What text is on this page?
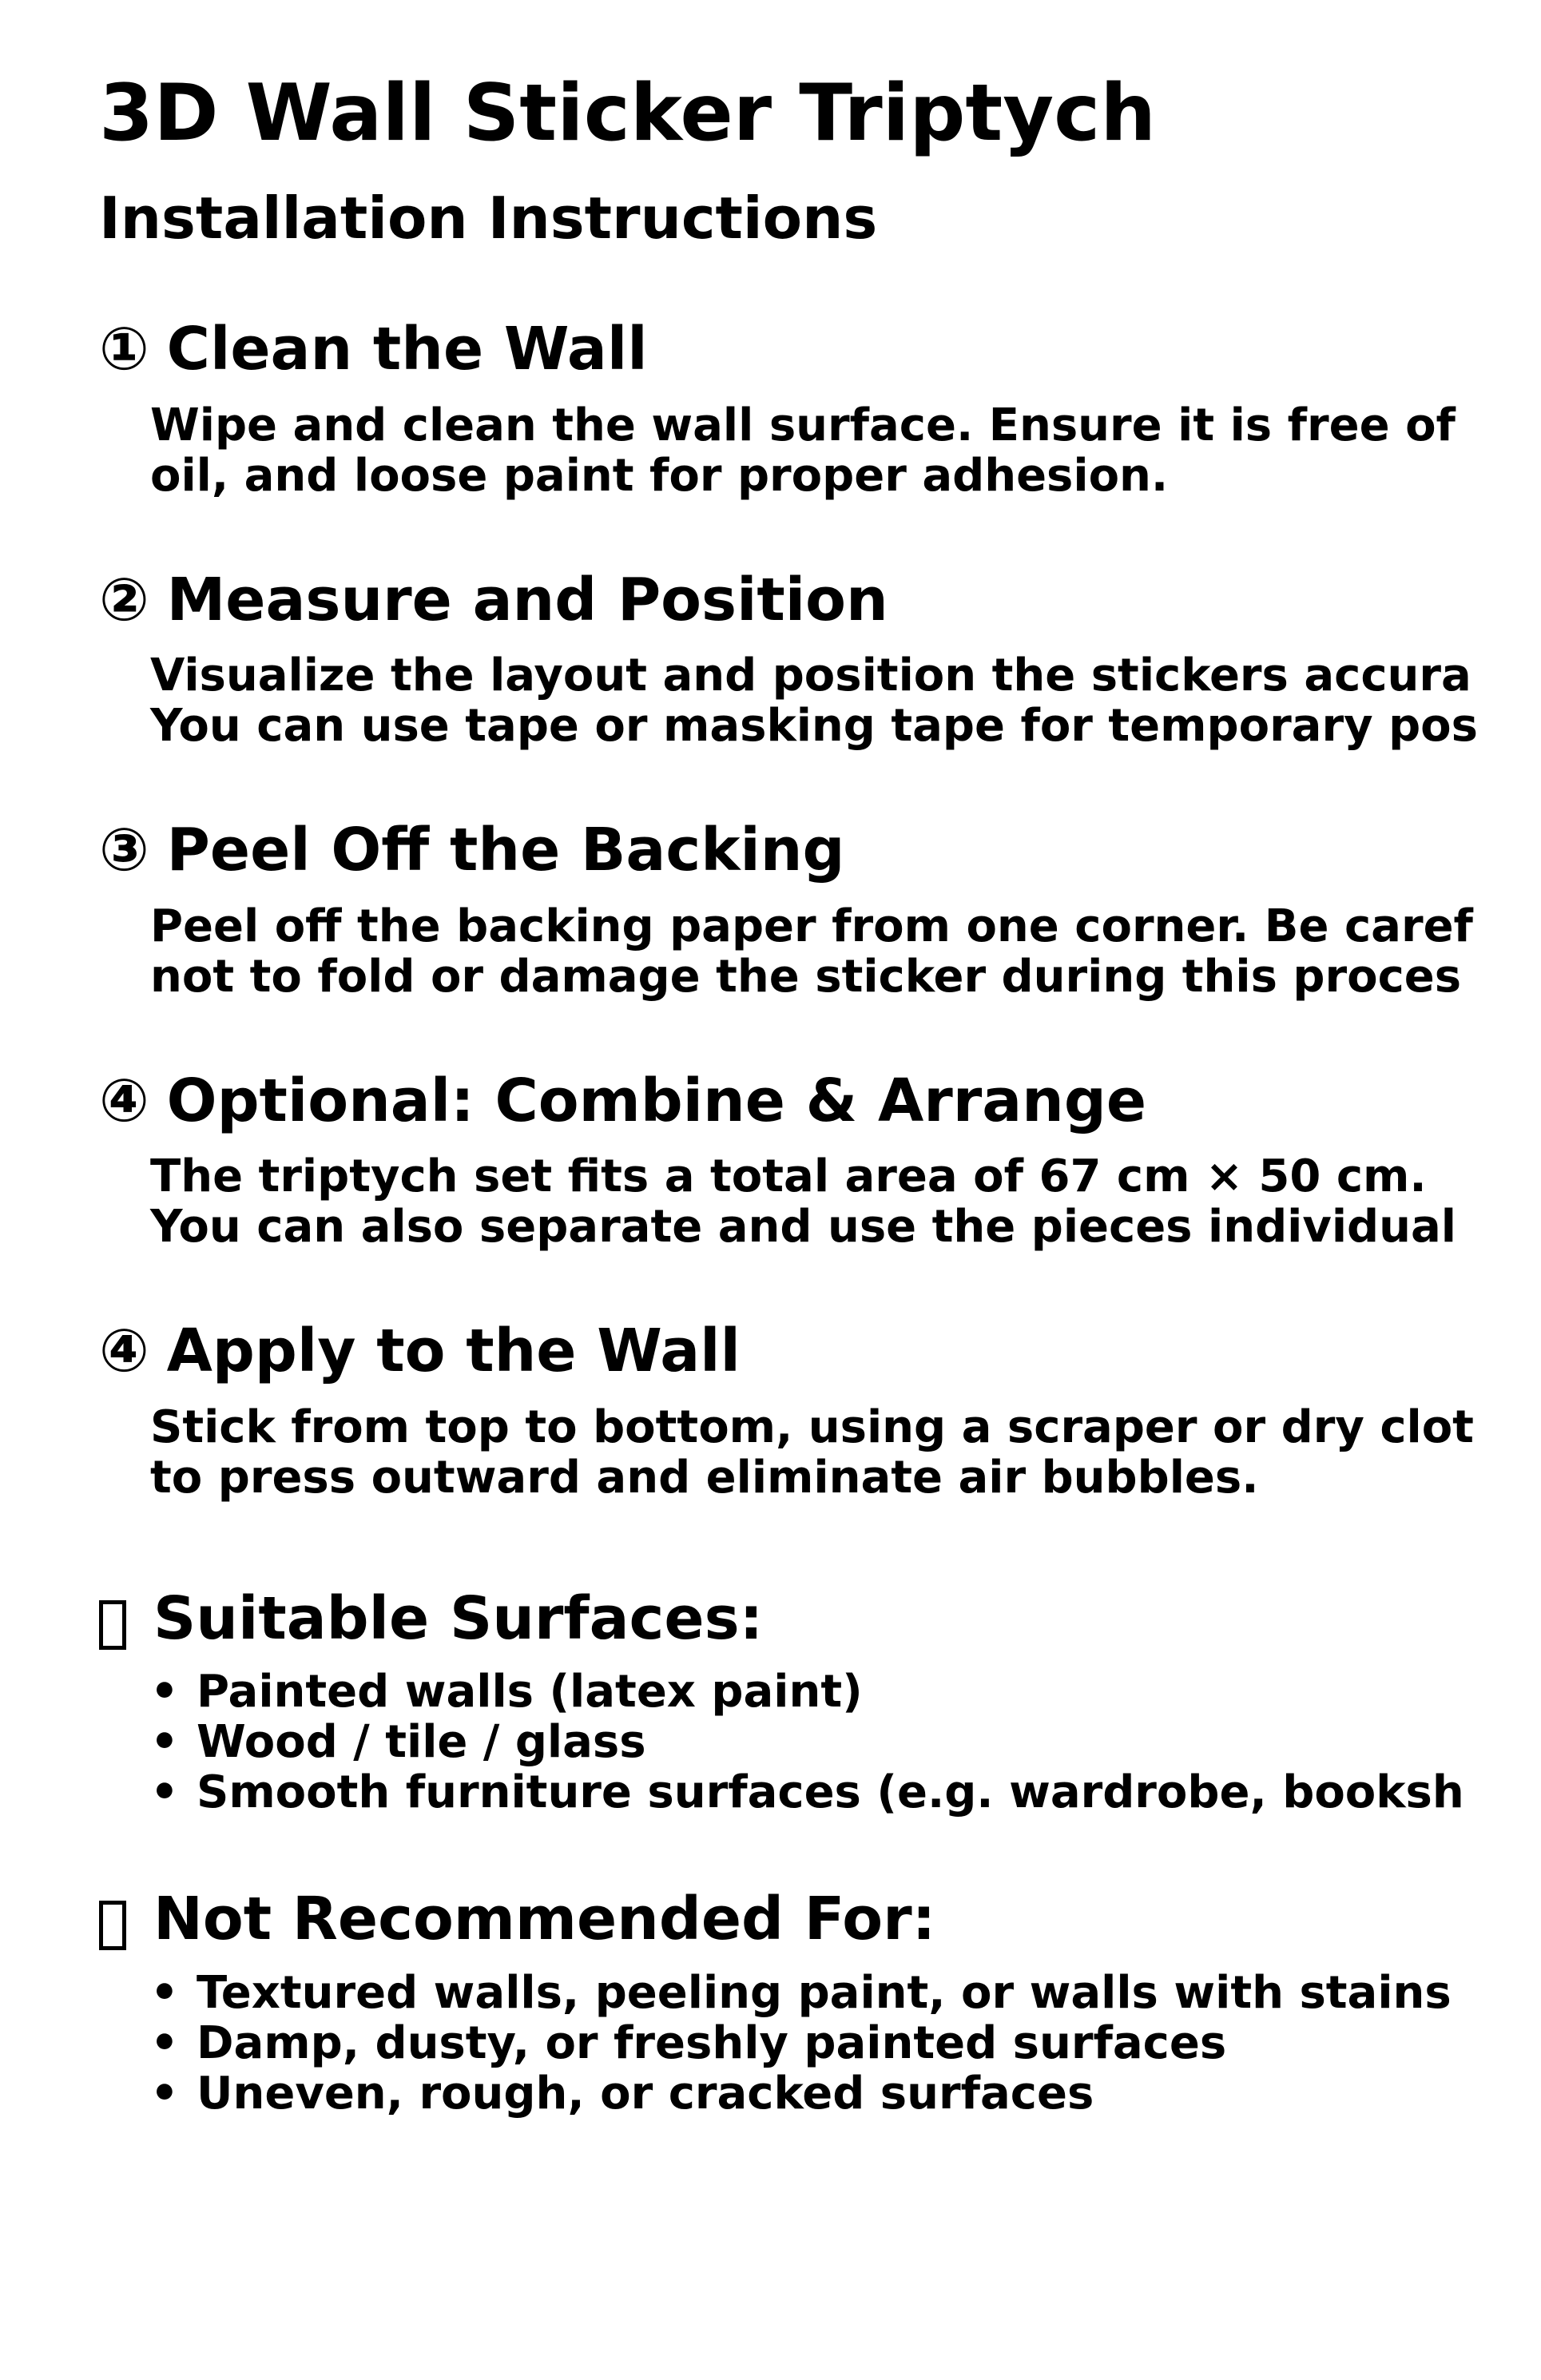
3D Wall Sticker Triptych
Installation Instructions
① Clean the Wall

Wipe and clean the wall surface. Ensure it is free of
oil, and loose paint for proper adhesion.

② Measure and Position

Visualize the layout and position the stickers accura
You can use tape or masking tape for temporary pos

③ Peel Off the Backing

Peel off the backing paper from one corner. Be caref
not to fold or damage the sticker during this proces

④ Optional: Combine & Arrange

The triptych set fits a total area of 67 cm × 50 cm.
You can also separate and use the pieces individual

④ Apply to the Wall

Stick from top to bottom, using a scraper or dry clot
to press outward and eliminate air bubbles.

Suitable Surfaces:
• Painted walls (latex paint)
• Wood / tile / glass
• Smooth furniture surfaces (e.g. wardrobe, booksh
Not Recommended For:
• Textured walls, peeling paint, or walls with stains
• Damp, dusty, or freshly painted surfaces
• Uneven, rough, or cracked surfaces
